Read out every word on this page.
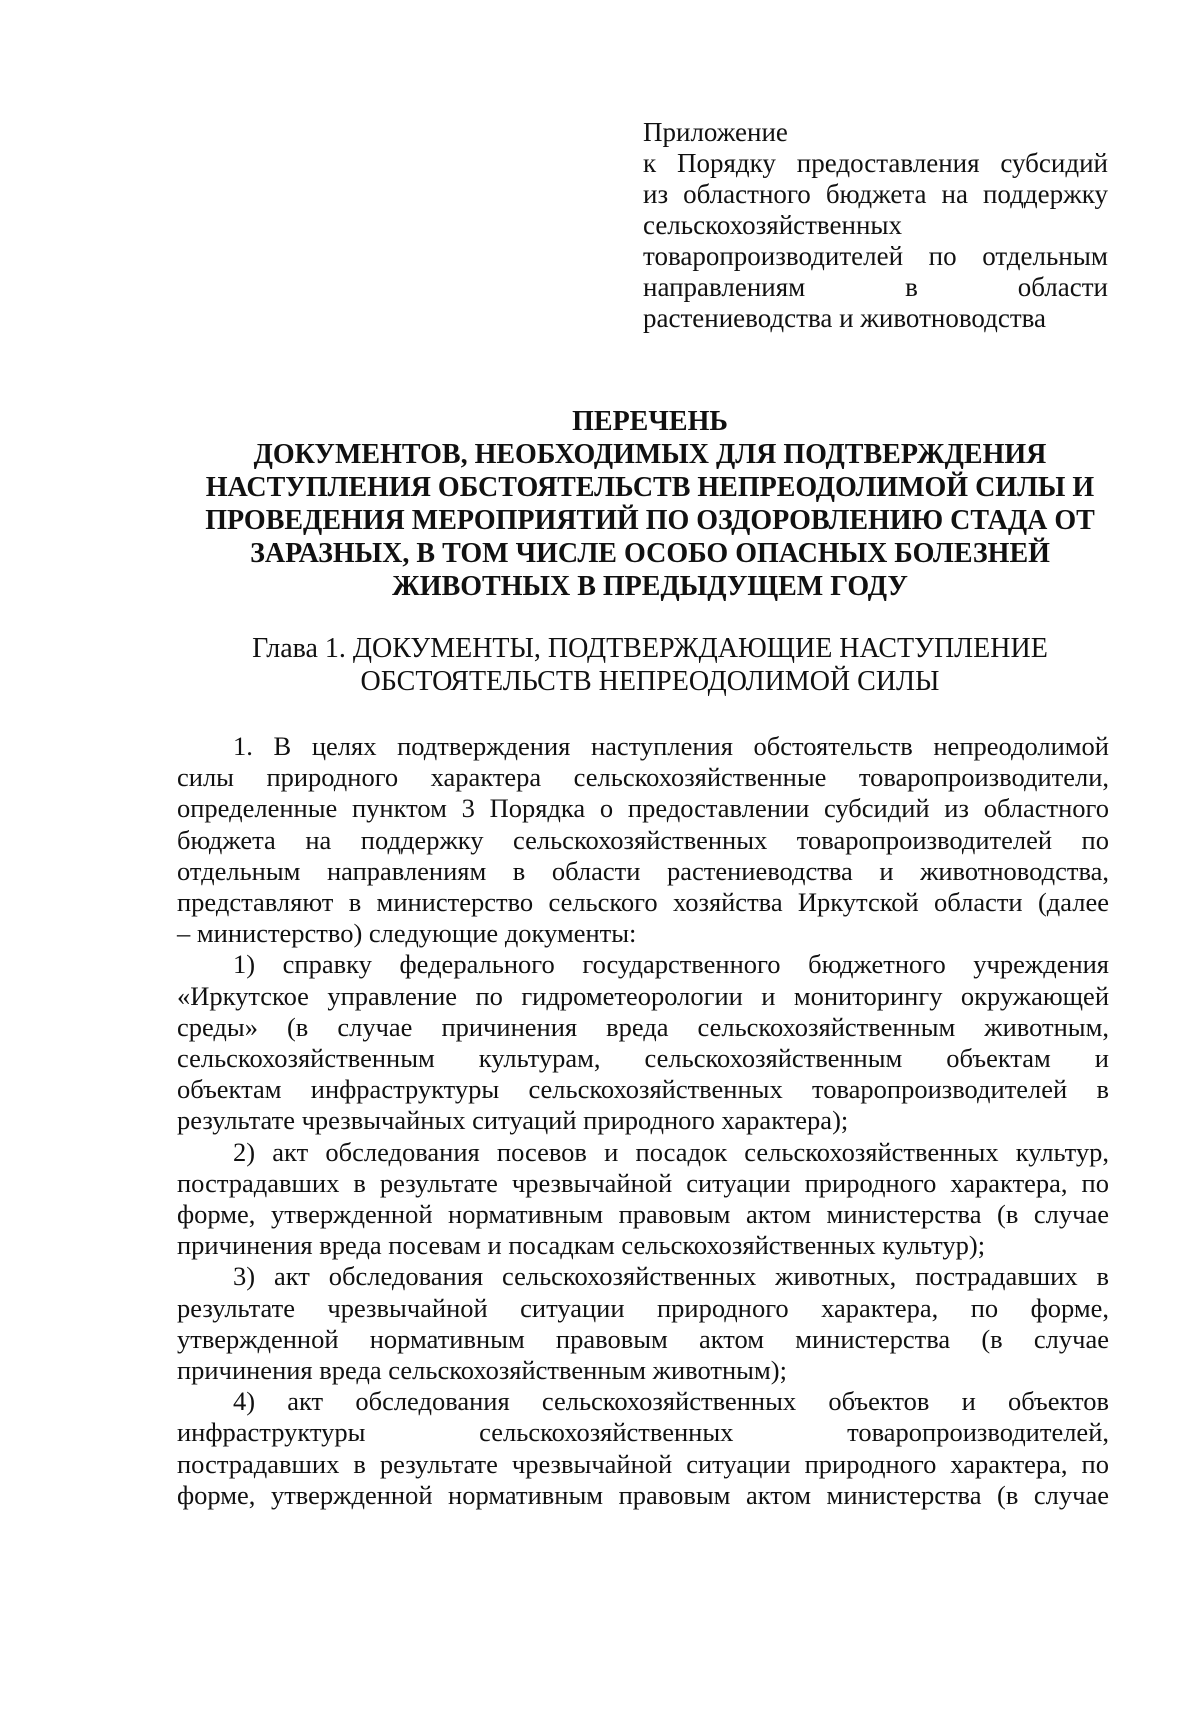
Приложение
к Порядку предоставления субсидий
из областного бюджета на поддержку
сельскохозяйственных
товаропроизводителей по отдельным
направлениям в области
растениеводства и животноводства
ПЕРЕЧЕНЬ
ДОКУМЕНТОВ, НЕОБХОДИМЫХ ДЛЯ ПОДТВЕРЖДЕНИЯ
НАСТУПЛЕНИЯ ОБСТОЯТЕЛЬСТВ НЕПРЕОДОЛИМОЙ СИЛЫ И
ПРОВЕДЕНИЯ МЕРОПРИЯТИЙ ПО ОЗДОРОВЛЕНИЮ СТАДА ОТ
ЗАРАЗНЫХ, В ТОМ ЧИСЛЕ ОСОБО ОПАСНЫХ БОЛЕЗНЕЙ
ЖИВОТНЫХ В ПРЕДЫДУЩЕМ ГОДУ
Глава 1. ДОКУМЕНТЫ, ПОДТВЕРЖДАЮЩИЕ НАСТУПЛЕНИЕ
ОБСТОЯТЕЛЬСТВ НЕПРЕОДОЛИМОЙ СИЛЫ
1. В целях подтверждения наступления обстоятельств непреодолимой
силы природного характера сельскохозяйственные товаропроизводители,
определенные пунктом 3 Порядка о предоставлении субсидий из областного
бюджета на поддержку сельскохозяйственных товаропроизводителей по
отдельным направлениям в области растениеводства и животноводства,
представляют в министерство сельского хозяйства Иркутской области (далее
– министерство) следующие документы:
1) справку федерального государственного бюджетного учреждения
«Иркутское управление по гидрометеорологии и мониторингу окружающей
среды» (в случае причинения вреда сельскохозяйственным животным,
сельскохозяйственным культурам, сельскохозяйственным объектам и
объектам инфраструктуры сельскохозяйственных товаропроизводителей в
результате чрезвычайных ситуаций природного характера);
2) акт обследования посевов и посадок сельскохозяйственных культур,
пострадавших в результате чрезвычайной ситуации природного характера, по
форме, утвержденной нормативным правовым актом министерства (в случае
причинения вреда посевам и посадкам сельскохозяйственных культур);
3) акт обследования сельскохозяйственных животных, пострадавших в
результате чрезвычайной ситуации природного характера, по форме,
утвержденной нормативным правовым актом министерства (в случае
причинения вреда сельскохозяйственным животным);
4) акт обследования сельскохозяйственных объектов и объектов
инфраструктуры сельскохозяйственных товаропроизводителей,
пострадавших в результате чрезвычайной ситуации природного характера, по
форме, утвержденной нормативным правовым актом министерства (в случае
